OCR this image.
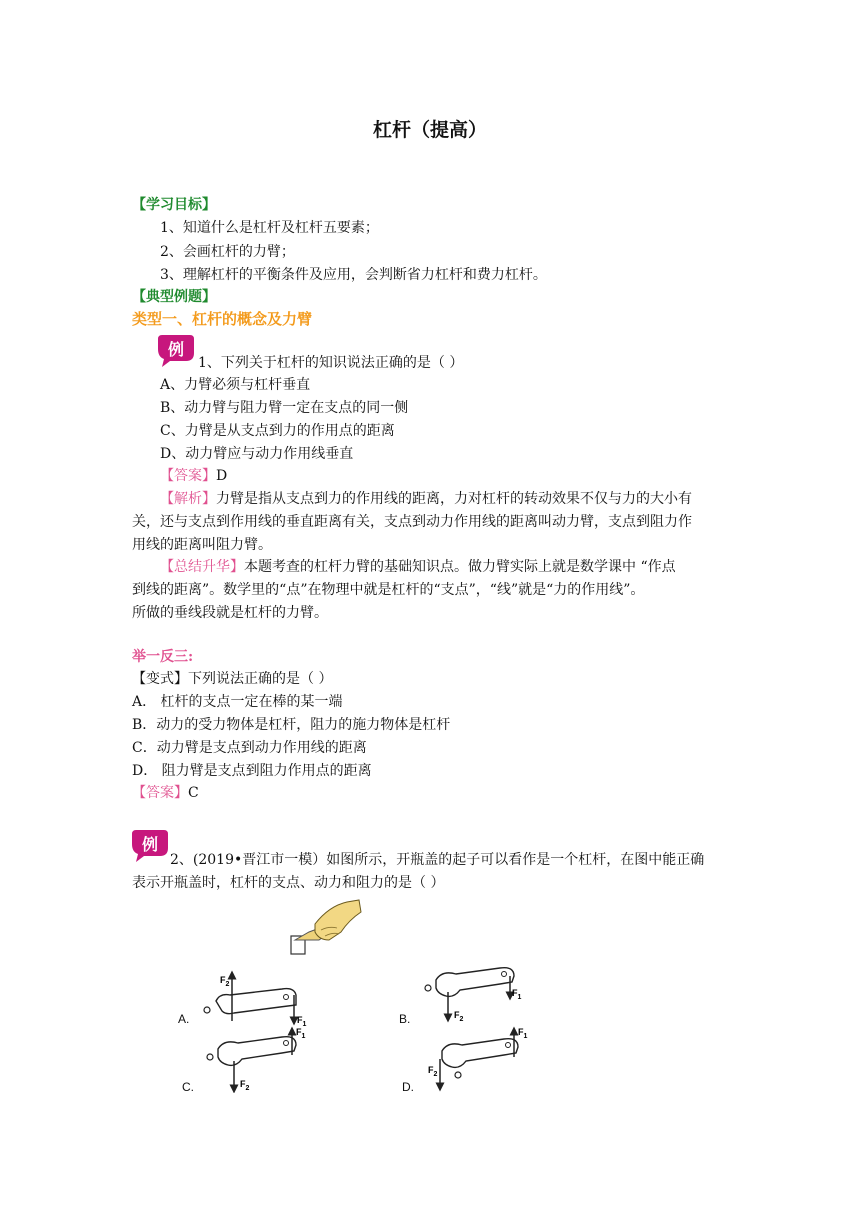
杠杆（提高）
【学习目标】
1、知道什么是杠杆及杠杆五要素；
2、会画杠杆的力臂；
3、理解杠杆的平衡条件及应用，会判断省力杠杆和费力杠杆。
【典型例题】
类型一、杠杆的概念及力臂
例
1、下列关于杠杆的知识说法正确的是（ ）
A、力臂必须与杠杆垂直
B、动力臂与阻力臂一定在支点的同一侧
C、力臂是从支点到力的作用点的距离
D、动力臂应与动力作用线垂直
【答案】D
【解析】力臂是指从支点到力的作用线的距离，力对杠杆的转动效果不仅与力的大小有
关，还与支点到作用线的垂直距离有关，支点到动力作用线的距离叫动力臂，支点到阻力作
用线的距离叫阻力臂。
【总结升华】本题考查的杠杆力臂的基础知识点。做力臂实际上就是数学课中 “作点
到线的距离”。数学里的“点”在物理中就是杠杆的“支点”，“线”就是“力的作用线”。
所做的垂线段就是杠杆的力臂。
举一反三:
【变式】下列说法正确的是（ ）
A． 杠杆的支点一定在棒的某一端
B．动力的受力物体是杠杆，阻力的施力物体是杠杆
C．动力臂是支点到动力作用线的距离
D． 阻力臂是支点到阻力作用点的距离
【答案】C
例
2、(2019•晋江市一模）如图所示，开瓶盖的起子可以看作是一个杠杆，在图中能正确
表示开瓶盖时，杠杆的支点、动力和阻力的是（ ）
A.
$F_2$
$F_1$	B.	$F_2$
$F_1$
C.	$F_2$
$F_1$
D.
$F_2$
$F_1$
